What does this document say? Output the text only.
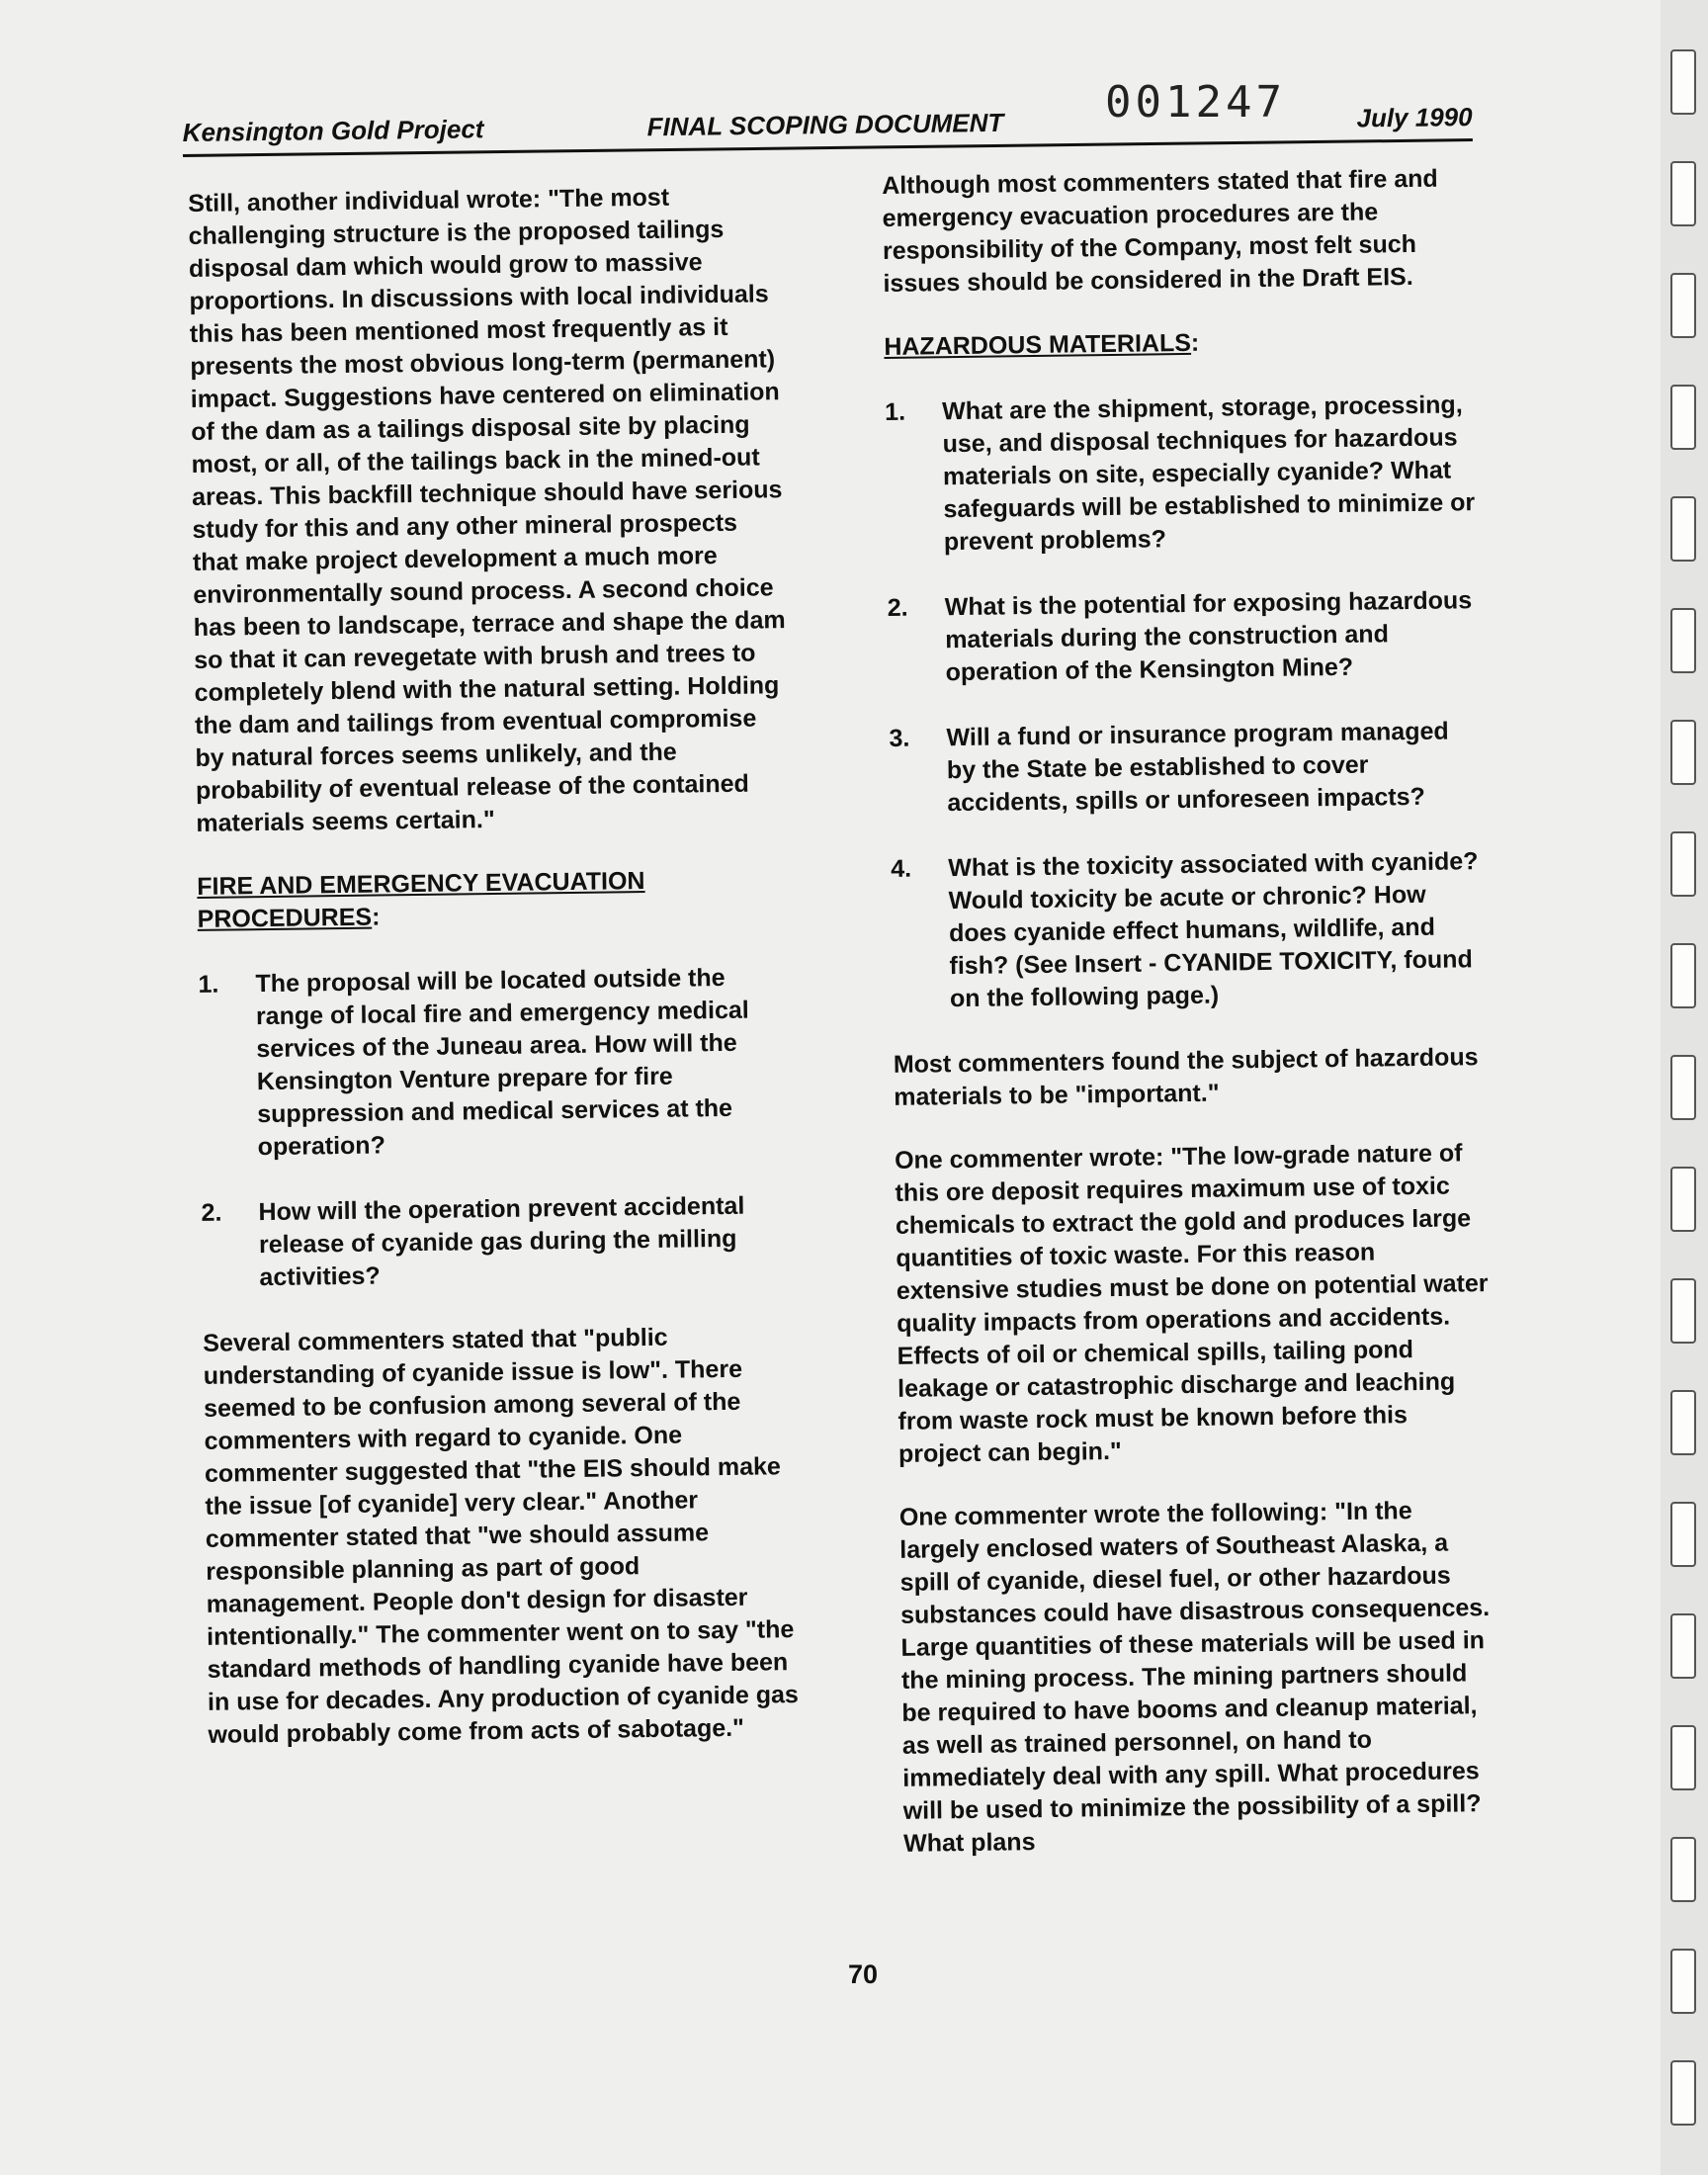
001247
Kensington Gold Project	FINAL SCOPING DOCUMENT	July 1990

Still, another individual wrote: "The most challenging structure is the proposed tailings disposal dam which would grow to massive proportions. In discussions with local individuals this has been mentioned most frequently as it presents the most obvious long-term (permanent) impact. Suggestions have centered on elimination of the dam as a tailings disposal site by placing most, or all, of the tailings back in the mined-out areas. This backfill technique should have serious study for this and any other mineral prospects that make project development a much more environmentally sound process. A second choice has been to landscape, terrace and shape the dam so that it can revegetate with brush and trees to completely blend with the natural setting. Holding the dam and tailings from eventual compromise by natural forces seems unlikely, and the probability of eventual release of the contained materials seems certain."

FIRE AND EMERGENCY EVACUATION PROCEDURES:
1.	The proposal will be located outside the range of local fire and emergency medical services of the Juneau area. How will the Kensington Venture prepare for fire suppression and medical services at the operation?
2.	How will the operation prevent accidental release of cyanide gas during the milling activities?

Several commenters stated that "public understanding of cyanide issue is low". There seemed to be confusion among several of the commenters with regard to cyanide. One commenter suggested that "the EIS should make the issue [of cyanide] very clear." Another commenter stated that "we should assume responsible planning as part of good management. People don't design for disaster intentionally." The commenter went on to say "the standard methods of handling cyanide have been in use for decades. Any production of cyanide gas would probably come from acts of sabotage."

Although most commenters stated that fire and emergency evacuation procedures are the responsibility of the Company, most felt such issues should be considered in the Draft EIS.

HAZARDOUS MATERIALS:
1.	What are the shipment, storage, processing, use, and disposal techniques for hazardous materials on site, especially cyanide? What safeguards will be established to minimize or prevent problems?
2.	What is the potential for exposing hazardous materials during the construction and operation of the Kensington Mine?
3.	Will a fund or insurance program managed by the State be established to cover accidents, spills or unforeseen impacts?
4.	What is the toxicity associated with cyanide? Would toxicity be acute or chronic? How does cyanide effect humans, wildlife, and fish? (See Insert - CYANIDE TOXICITY, found on the following page.)

Most commenters found the subject of hazardous materials to be "important."

One commenter wrote: "The low-grade nature of this ore deposit requires maximum use of toxic chemicals to extract the gold and produces large quantities of toxic waste. For this reason extensive studies must be done on potential water quality impacts from operations and accidents. Effects of oil or chemical spills, tailing pond leakage or catastrophic discharge and leaching from waste rock must be known before this project can begin."

One commenter wrote the following: "In the largely enclosed waters of Southeast Alaska, a spill of cyanide, diesel fuel, or other hazardous substances could have disastrous consequences. Large quantities of these materials will be used in the mining process. The mining partners should be required to have booms and cleanup material, as well as trained personnel, on hand to immediately deal with any spill. What procedures will be used to minimize the possibility of a spill? What plans

70
